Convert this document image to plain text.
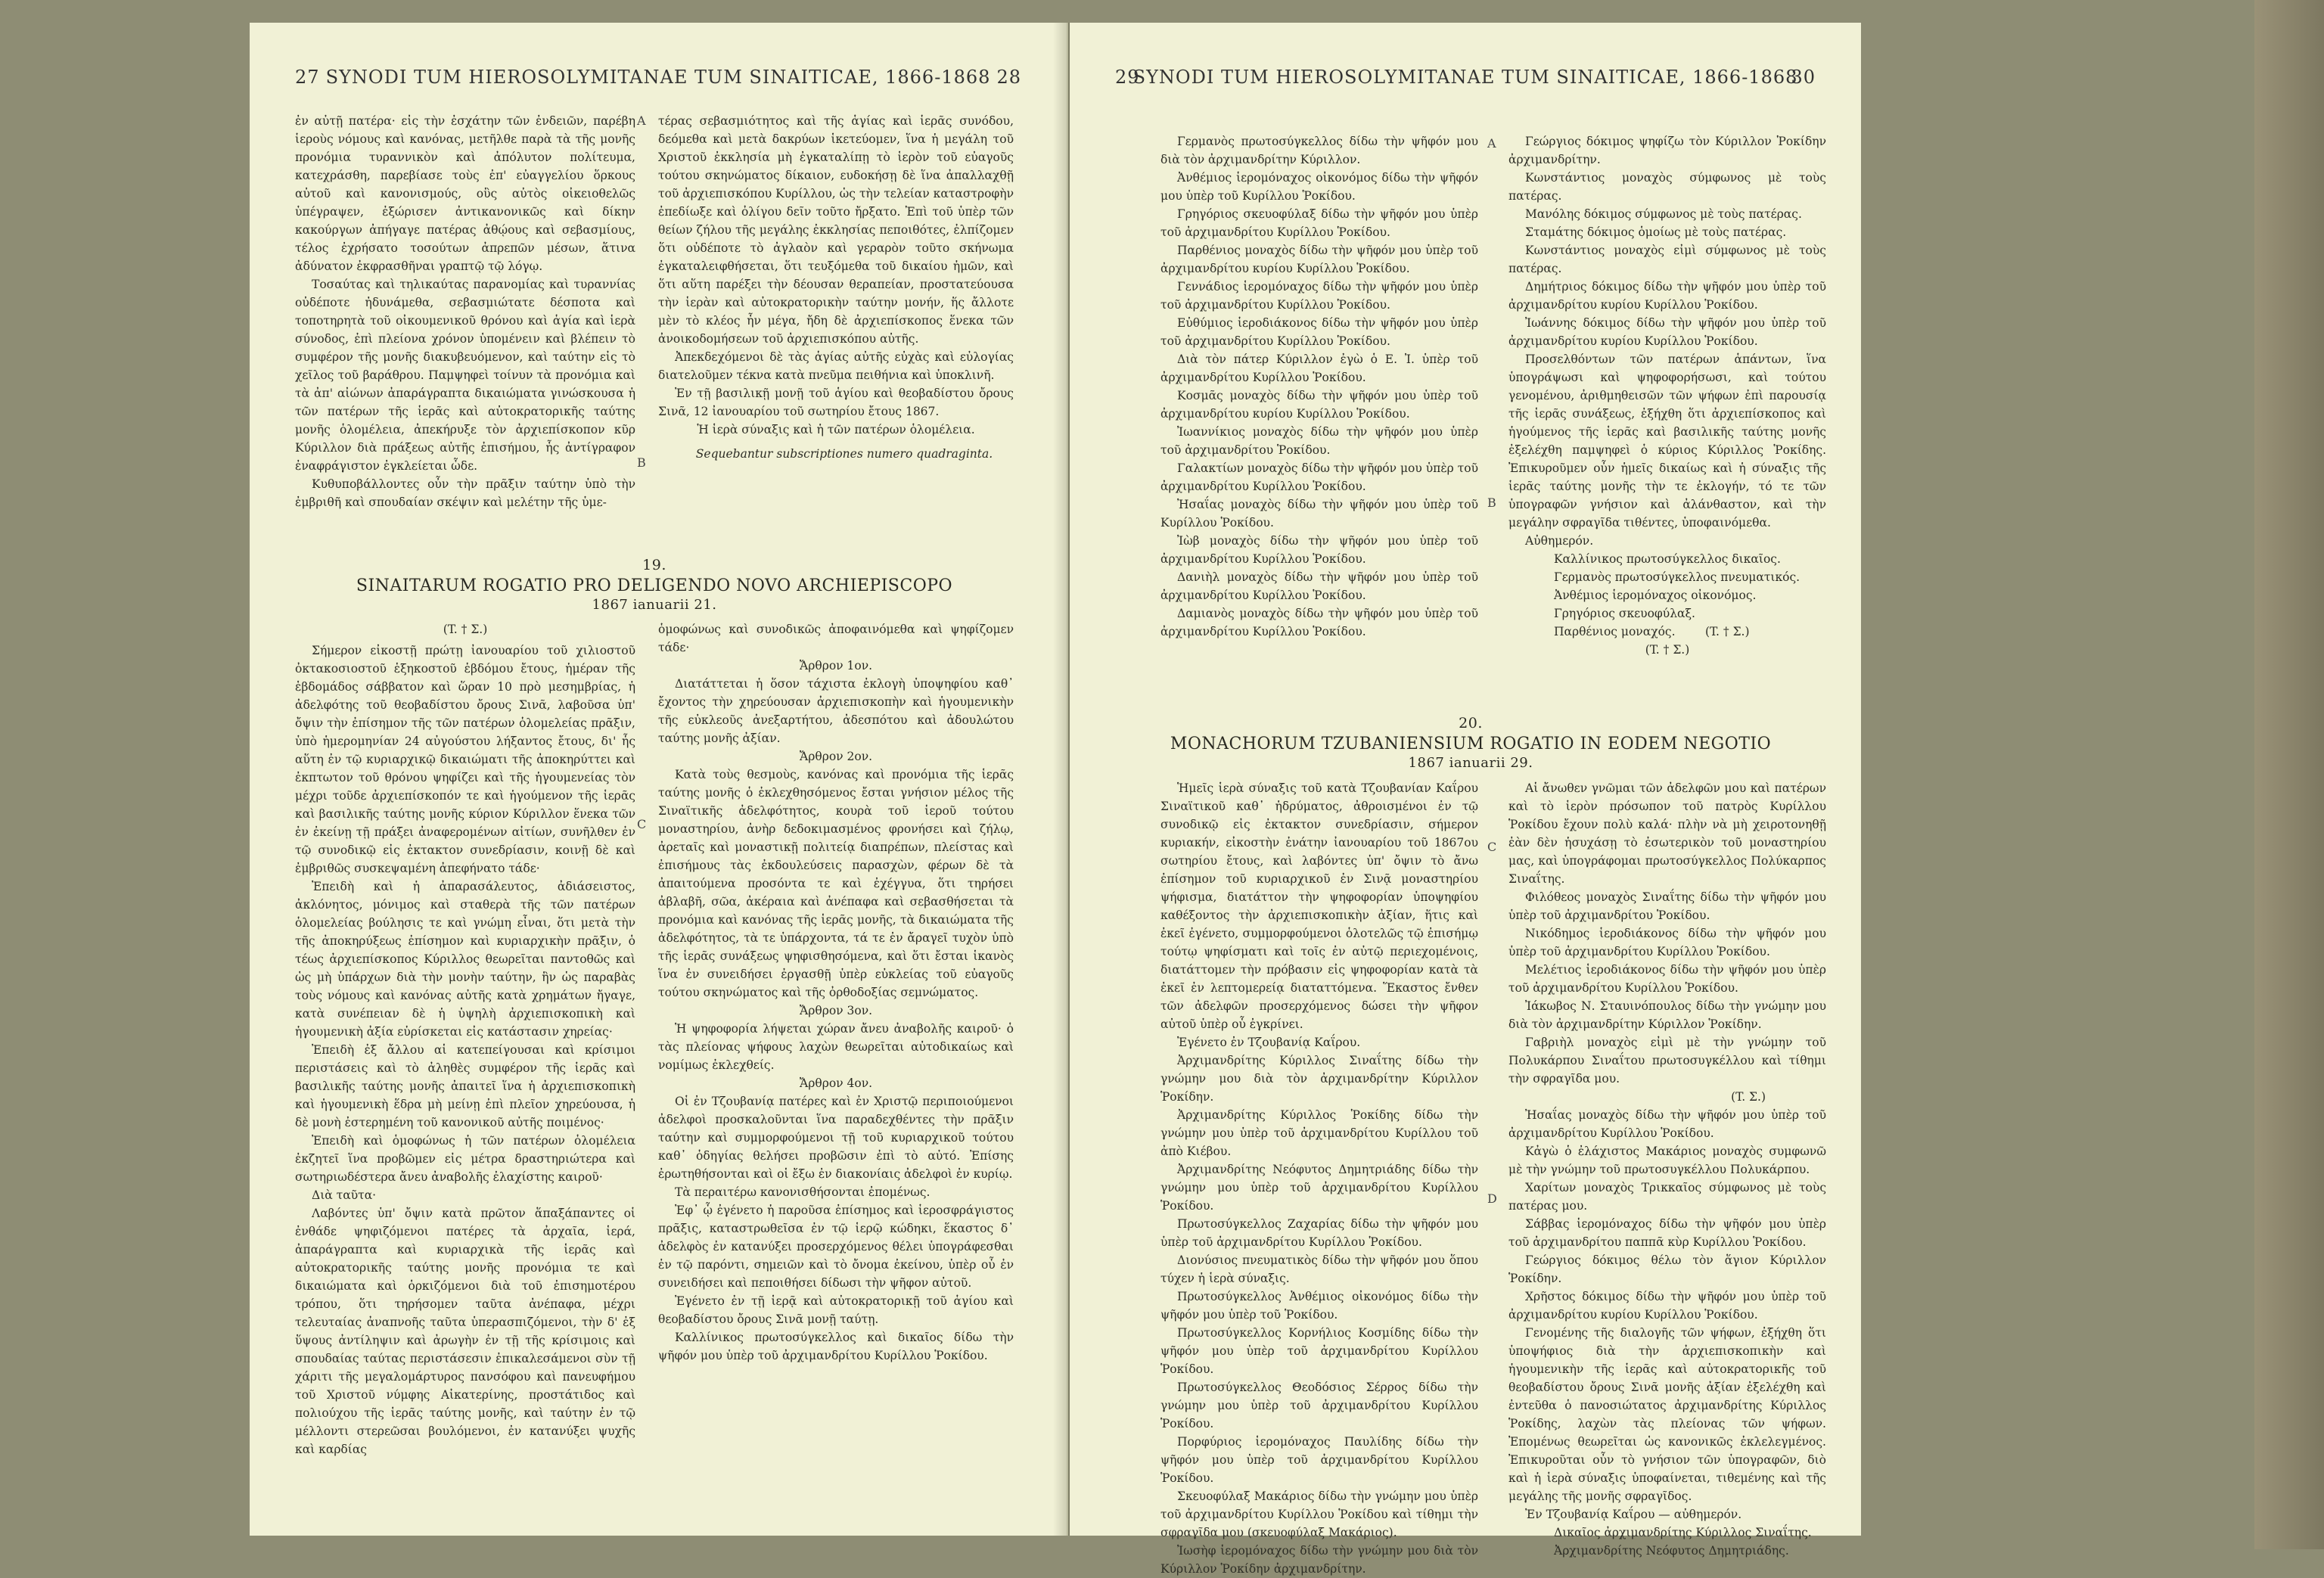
27 SYNODI TUM HIEROSOLYMITANAE TUM SINAITICAE, 1866-1868 28

ἐν αὐτῇ πατέρα· εἰς τὴν ἐσχάτην τῶν ἐνδειῶν, παρέβη ἱεροὺς νόμους καὶ κανόνας, μετῆλθε παρὰ τὰ τῆς μονῆς προνόμια τυραννικὸν καὶ ἀπόλυτον πολίτευμα, κατεχράσθη, παρεβίασε τοὺς ἐπ' εὐαγγελίου ὅρκους αὐτοῦ καὶ κανονισμούς, οὓς αὐτὸς οἰκειοθελῶς ὑπέγραψεν, ἐξώρισεν ἀντικανονικῶς καὶ δίκην κακούργων ἀπήγαγε πατέρας ἀθῴους καὶ σεβασμίους, τέλος ἐχρήσατο τοσούτων ἀπρεπῶν μέσων, ἅτινα ἀδύνατον ἐκφρασθῆναι γραπτῷ τῷ λόγῳ.

Τοσαύτας καὶ τηλικαύτας παρανομίας καὶ τυραννίας οὐδέποτε ἠδυνάμεθα, σεβασμιώτατε δέσποτα καὶ τοποτηρητὰ τοῦ οἰκουμενικοῦ θρόνου καὶ ἁγία καὶ ἱερὰ σύνοδος, ἐπὶ πλείονα χρόνον ὑπομένειν καὶ βλέπειν τὸ συμφέρον τῆς μονῆς διακυβευόμενον, καὶ ταύτην εἰς τὸ χεῖλος τοῦ βαράθρου. Παμψηφεὶ τοίνυν τὰ προνόμια καὶ τὰ ἀπ' αἰώνων ἀπαράγραπτα δικαιώματα γινώσκουσα ἡ τῶν πατέρων τῆς ἱερᾶς καὶ αὐτοκρατορικῆς ταύτης μονῆς ὁλομέλεια, ἀπεκήρυξε τὸν ἀρχιεπίσκοπον κῦρ Κύριλλον διὰ πράξεως αὐτῆς ἐπισήμου, ἧς ἀντίγραφον ἐναφράγιστον ἐγκλείεται ὧδε.

Κυθυποβάλλοντες οὖν τὴν πρᾶξιν ταύτην ὑπὸ τὴν ἐμβριθῆ καὶ σπουδαίαν σκέψιν καὶ μελέτην τῆς ὑμε-

A τέρας σεβασμιότητος καὶ τῆς ἁγίας καὶ ἱερᾶς συνόδου, δεόμεθα καὶ μετὰ δακρύων ἱκετεύομεν, ἵνα ἡ μεγάλη τοῦ Χριστοῦ ἐκκλησία μὴ ἐγκαταλίπῃ τὸ ἱερὸν τοῦ εὐαγοῦς τούτου σκηνώματος δίκαιον, ευδοκήσῃ δὲ ἵνα ἀπαλλαχθῇ τοῦ ἀρχιεπισκόπου Κυρίλλου, ὡς τὴν τελείαν καταστροφὴν ἐπεδίωξε καὶ ὀλίγου δεῖν τοῦτο ἤρξατο. Ἐπὶ τοῦ ὑπὲρ τῶν θείων ζήλου τῆς μεγάλης ἐκκλησίας πεποιθότες, ἐλπίζομεν ὅτι οὐδέποτε τὸ ἀγλαὸν καὶ γεραρὸν τοῦτο σκήνωμα ἐγκαταλειφθήσεται, ὅτι τευξόμεθα τοῦ δικαίου ἡμῶν, καὶ ὅτι αὕτη παρέξει τὴν δέουσαν θεραπείαν, προστατεύουσα τὴν ἱερὰν καὶ αὐτοκρατορικὴν ταύτην μονήν, ἥς ἄλλοτε μὲν τὸ κλέος ἦν μέγα, ἤδη δὲ ἀρχιεπίσκοπος ἕνεκα τῶν ἀνοικοδομήσεων τοῦ ἀρχιεπισκόπου αὐτῆς.

Ἀπεκδεχόμενοι δὲ τὰς ἁγίας αὐτῆς εὐχὰς καὶ εὐλογίας διατελοῦμεν τέκνα κατὰ πνεῦμα πειθήνια καὶ ὑποκλινῆ.

Ἐν τῇ βασιλικῇ μονῇ τοῦ ἁγίου καὶ θεοβαδίστου ὄρους Σινᾶ, 12 ἰανουαρίου τοῦ σωτηρίου ἔτους 1867.

Ἡ ἱερὰ σύναξις καὶ ἡ τῶν πατέρων ὁλομέλεια.

Sequebantur subscriptiones numero quadraginta.

B
19.
SINAITARUM ROGATIO PRO DELIGENDO NOVO ARCHIEPISCOPO
1867 ianuarii 21.

(T. † Σ.)

Σήμερον εἰκοστῇ πρώτῃ ἰανουαρίου τοῦ χιλιοστοῦ ὀκτακοσιοστοῦ ἑξηκοστοῦ ἑβδόμου ἔτους, ἡμέραν τῆς ἑβδομάδος σάββατον καὶ ὥραν 10 πρὸ μεσημβρίας, ἡ ἀδελφότης τοῦ θεοβαδίστου ὄρους Σινᾶ, λαβοῦσα ὑπ' ὄψιν τὴν ἐπίσημον τῆς τῶν πατέρων ὁλομελείας πρᾶξιν, ὑπὸ ἡμερομηνίαν 24 αὐγούστου λήξαντος ἔτους, δι' ἧς αὕτη ἐν τῷ κυριαρχικῷ δικαιώματι τῆς ἀποκηρύττει καὶ ἐκπτωτον τοῦ θρόνου ψηφίζει καὶ τῆς ἡγουμενείας τὸν μέχρι τοῦδε ἀρχιεπίσκοπόν τε καὶ ἡγούμενον τῆς ἱερᾶς καὶ βασιλικῆς ταύτης μονῆς κύριον Κύριλλον ἕνεκα τῶν ἐν ἐκείνῃ τῇ πράξει ἀναφερομένων αἰτίων, συνῆλθεν ἐν τῷ συνοδικῷ εἰς ἐκτακτον συνεδρίασιν, κοινῇ δὲ καὶ ἐμβριθῶς συσκεψαμένη ἀπεφήνατο τάδε·

Ἐπειδὴ καὶ ἡ ἀπαρασάλευτος, ἀδιάσειστος, ἀκλόνητος, μόνιμος καὶ σταθερὰ τῆς τῶν πατέρων ὁλομελείας βούλησις τε καὶ γνώμη εἶναι, ὅτι μετὰ τὴν τῆς ἀποκηρύξεως ἐπίσημον καὶ κυριαρχικὴν πρᾶξιν, ὁ τέως ἀρχιεπίσκοπος Κύριλλος θεωρεῖται παντοθῶς καὶ ὡς μὴ ὑπάρχων διὰ τὴν μονὴν ταύτην, ἣν ὡς παραβὰς τοὺς νόμους καὶ κανόνας αὐτῆς κατὰ χρημάτων ἤγαγε, κατὰ συνέπειαν δὲ ἡ ὑψηλὴ ἀρχιεπισκοπικὴ καὶ ἡγουμενικὴ ἀξία εὑρίσκεται εἰς κατάστασιν χηρείας·

Ἐπειδὴ ἐξ ἄλλου αἱ κατεπείγουσαι καὶ κρίσιμοι περιστάσεις καὶ τὸ ἀληθὲς συμφέρον τῆς ἱερᾶς καὶ βασιλικῆς ταύτης μονῆς ἀπαιτεῖ ἵνα ἡ ἀρχιεπισκοπικὴ καὶ ἡγουμενικὴ ἕδρα μὴ μείνῃ ἐπὶ πλεῖον χηρεύουσα, ἡ δὲ μονὴ ἐστερημένη τοῦ κανονικοῦ αὐτῆς ποιμένος·

Ἐπειδὴ καὶ ὁμοφώνως ἡ τῶν πατέρων ὁλομέλεια ἐκζητεῖ ἵνα προβῶμεν εἰς μέτρα δραστηριώτερα καὶ σωτηριωδέστερα ἄνευ ἀναβολῆς ἐλαχίστης καιροῦ·

Διὰ ταῦτα·

Λαβόντες ὑπ' ὄψιν κατὰ πρῶτον ἅπαξάπαντες οἱ ἐνθάδε ψηφιζόμενοι πατέρες τὰ ἀρχαῖα, ἱερά, ἀπαράγραπτα καὶ κυριαρχικὰ τῆς ἱερᾶς καὶ αὐτοκρατορικῆς ταύτης μονῆς προνόμια τε καὶ δικαιώματα καὶ ὁρκιζόμενοι διὰ τοῦ ἐπισημοτέρου τρόπου, ὅτι τηρήσομεν ταῦτα ἀνέπαφα, μέχρι τελευταίας ἀναπνοῆς ταῦτα ὑπερασπιζόμενοι, τὴν δ' ἐξ ὕψους ἀντίληψιν καὶ ἀρωγὴν ἐν τῇ τῆς κρίσιμοις καὶ σπουδαίας ταύτας περιστάσεσιν ἐπικαλεσάμενοι σὺν τῇ χάριτι τῆς μεγαλομάρτυρος πανσόφου καὶ πανευφήμου τοῦ Χριστοῦ νύμφης Αἰκατερίνης, προστάτιδος καὶ πολιούχου τῆς ἱερᾶς ταύτης μονῆς, καὶ ταύτην ἐν τῷ μέλλοντι στερεῶσαι βουλόμενοι, ἐν κατανύξει ψυχῆς καὶ καρδίας

C

ὁμοφώνως καὶ συνοδικῶς ἀποφαινόμεθα καὶ ψηφίζομεν τάδε·

Ἄρθρον 1ον.

Διατάττεται ἡ ὅσον τάχιστα ἐκλογὴ ὑποψηφίου καθ᾽ ἔχοντος τὴν χηρεύουσαν ἀρχιεπισκοπὴν καὶ ἡγουμενικὴν τῆς εὐκλεοῦς ἀνεξαρτήτου, ἀδεσπότου καὶ ἀδουλώτου ταύτης μονῆς ἀξίαν.

Ἄρθρον 2ον.

Κατὰ τοὺς θεσμοὺς, κανόνας καὶ προνόμια τῆς ἱερᾶς ταύτης μονῆς ὁ ἐκλεχθησόμενος ἔσται γνήσιον μέλος τῆς Σιναϊτικῆς ἀδελφότητος, κουρὰ τοῦ ἱεροῦ τούτου μοναστηρίου, ἀνὴρ δεδοκιμασμένος φρονήσει καὶ ζήλῳ, ἀρεταῖς καὶ μοναστικῇ πολιτείᾳ διαπρέπων, πλείστας καὶ ἐπισήμους τὰς ἐκδουλεύσεις παρασχὼν, φέρων δὲ τὰ ἀπαιτούμενα προσόντα τε καὶ ἐχέγγυα, ὅτι τηρήσει ἀβλαβῆ, σῶα, ἀκέραια καὶ ἀνέπαφα καὶ σεβασθήσεται τὰ προνόμια καὶ κανόνας τῆς ἱερᾶς μονῆς, τὰ δικαιώματα τῆς ἀδελφότητος, τὰ τε ὑπάρχοντα, τά τε ἐν ἄραγεῖ τυχὸν ὑπὸ τῆς ἱερᾶς συνάξεως ψηφισθησόμενα, καὶ ὅτι ἔσται ἱκανὸς ἵνα ἐν συνειδήσει ἐργασθῇ ὑπὲρ εὐκλείας τοῦ εὐαγοῦς τούτου σκηνώματος καὶ τῆς ὀρθοδοξίας σεμνώματος.

Ἄρθρον 3ον.

Ἡ ψηφοφορία λήψεται χώραν ἄνευ ἀναβολῆς καιροῦ· ὁ τὰς πλείονας ψήφους λαχὼν θεωρεῖται αὐτοδικαίως καὶ νομίμως ἐκλεχθείς.

Ἄρθρον 4ον.

Οἱ ἐν Τζουβανίᾳ πατέρες καὶ ἐν Χριστῷ περιποιούμενοι ἀδελφοὶ προσκαλοῦνται ἵνα παραδεχθέντες τὴν πρᾶξιν ταύτην καὶ συμμορφούμενοι τῇ τοῦ κυριαρχικοῦ τούτου καθ᾽ ὁδηγίας θελήσει προβῶσιν ἐπὶ τὸ αὐτό. Ἐπίσης ἐρωτηθήσονται καὶ οἱ ἔξω ἐν διακονίαις ἀδελφοὶ ἐν κυρίῳ.

Τὰ περαιτέρω κανονισθήσονται ἐπομένως.

Ἐφ᾽ ᾧ ἐγένετο ἡ παροῦσα ἐπίσημος καὶ ἱεροσφράγιστος πρᾶξις, καταστρωθεῖσα ἐν τῷ ἱερῷ κώδηκι, ἕκαστος δ᾽ ἀδελφὸς ἐν κατανύξει προσερχόμενος θέλει ὑπογράφεσθαι ἐν τῷ παρόντι, σημειῶν καὶ τὸ ὄνομα ἐκείνου, ὑπὲρ οὗ ἐν συνειδήσει καὶ πεποιθήσει δίδωσι τὴν ψῆφον αὐτοῦ.

Ἐγένετο ἐν τῇ ἱερᾷ καὶ αὐτοκρατορικῇ τοῦ ἁγίου καὶ θεοβαδίστου ὄρους Σινᾶ μονῇ ταύτῃ.

Καλλίνικος πρωτοσύγκελλος καὶ δικαῖος δίδω τὴν ψῆφόν μου ὑπὲρ τοῦ ἀρχιμανδρίτου Κυρίλλου Ῥοκίδου.

29
SYNODI TUM HIEROSOLYMITANAE TUM SINAITICAE, 1866-1868
30

Γερμανὸς πρωτοσύγκελλος δίδω τὴν ψῆφόν μου διὰ τὸν ἀρχιμανδρίτην Κύριλλον.

Ἀνθέμιος ἱερομόναχος οἰκονόμος δίδω τὴν ψῆφόν μου ὑπὲρ τοῦ Κυρίλλου Ῥοκίδου.

Γρηγόριος σκευοφύλαξ δίδω τὴν ψῆφόν μου ὑπὲρ τοῦ ἀρχιμανδρίτου Κυρίλλου Ῥοκίδου.

Παρθένιος μοναχὸς δίδω τὴν ψῆφόν μου ὑπὲρ τοῦ ἀρχιμανδρίτου κυρίου Κυρίλλου Ῥοκίδου.

Γεννάδιος ἱερομόναχος δίδω τὴν ψῆφόν μου ὑπὲρ τοῦ ἀρχιμανδρίτου Κυρίλλου Ῥοκίδου.

Εὐθύμιος ἱεροδιάκονος δίδω τὴν ψῆφόν μου ὑπὲρ τοῦ ἀρχιμανδρίτου Κυρίλλου Ῥοκίδου.

Διὰ τὸν πάτερ Κύριλλον ἐγὼ ὁ Ε. Ἰ. ὑπὲρ τοῦ ἀρχιμανδρίτου Κυρίλλου Ῥοκίδου.

Κοσμᾶς μοναχὸς δίδω τὴν ψῆφόν μου ὑπὲρ τοῦ ἀρχιμανδρίτου κυρίου Κυρίλλου Ῥοκίδου.

Ἰωαννίκιος μοναχὸς δίδω τὴν ψῆφόν μου ὑπὲρ τοῦ ἀρχιμανδρίτου Ῥοκίδου.

Γαλακτίων μοναχὸς δίδω τὴν ψῆφόν μου ὑπὲρ τοῦ ἀρχιμανδρίτου Κυρίλλου Ῥοκίδου.

Ἠσαΐας μοναχὸς δίδω τὴν ψῆφόν μου ὑπὲρ τοῦ Κυρίλλου Ῥοκίδου.

Ἰὼβ μοναχὸς δίδω τὴν ψῆφόν μου ὑπὲρ τοῦ ἀρχιμανδρίτου Κυρίλλου Ῥοκίδου.

Δανιὴλ μοναχὸς δίδω τὴν ψῆφόν μου ὑπὲρ τοῦ ἀρχιμανδρίτου Κυρίλλου Ῥοκίδου.

Δαμιανὸς μοναχὸς δίδω τὴν ψῆφόν μου ὑπὲρ τοῦ ἀρχιμανδρίτου Κυρίλλου Ῥοκίδου.

A	Γεώργιος δόκιμος ψηφίζω τὸν Κύριλλον Ῥοκίδην ἀρχιμανδρίτην.

Κωνστάντιος μοναχὸς σύμφωνος μὲ τοὺς πατέρας.

Μανόλης δόκιμος σύμφωνος μὲ τοὺς πατέρας.

Σταμάτης δόκιμος ὁμοίως μὲ τοὺς πατέρας.

Κωνστάντιος μοναχὸς εἰμὶ σύμφωνος μὲ τοὺς πατέρας.

Δημήτριος δόκιμος δίδω τὴν ψῆφόν μου ὑπὲρ τοῦ ἀρχιμανδρίτου κυρίου Κυρίλλου Ῥοκίδου.

Ἰωάννης δόκιμος δίδω τὴν ψῆφόν μου ὑπὲρ τοῦ ἀρχιμανδρίτου κυρίου Κυρίλλου Ῥοκίδου.

Προσελθόντων τῶν πατέρων ἁπάντων, ἵνα ὑπογράψωσι καὶ ψηφοφορήσωσι, καὶ τούτου γενομένου, ἀριθμηθεισῶν τῶν ψήφων ἐπὶ παρουσίᾳ τῆς ἱερᾶς συνάξεως, ἐξήχθη ὅτι ἀρχιεπίσκοπος καὶ ἡγούμενος τῆς ἱερᾶς καὶ βασιλικῆς ταύτης μονῆς ἐξελέχθη παμψηφεὶ ὁ κύριος Κύριλλος Ῥοκίδης. Ἐπικυροῦμεν οὖν ἡμεῖς δικαίως καὶ ἡ σύναξις τῆς ἱερᾶς ταύτης μονῆς τὴν τε ἐκλογήν, τό τε τῶν ὑπογραφῶν γνήσιον καὶ ἀλάνθαστον, καὶ τὴν μεγάλην σφραγῖδα τιθέντες, ὑποφαινόμεθα.

Αὐθημερόν.

Καλλίνικος πρωτοσύγκελλος δικαῖος.

Γερμανὸς πρωτοσύγκελλος πνευματικός.

Ἀνθέμιος ἱερομόναχος οἰκονόμος.

Γρηγόριος σκευοφύλαξ.

Παρθένιος μοναχός.	(T. † Σ.)

(T. † Σ.)

B
20.
MONACHORUM TZUBANIENSIUM ROGATIO IN EODEM NEGOTIO
1867 ianuarii 29.

Ἡμεῖς ἱερὰ σύναξις τοῦ κατὰ Τζουβανίαν Καΐρου Σιναϊτικοῦ καθ᾽ ἡδρύματος, ἀθροισμένοι ἐν τῷ συνοδικῷ εἰς ἐκτακτον συνεδρίασιν, σήμερον κυριακήν, εἰκοστὴν ἐνάτην ἰανουαρίου τοῦ 1867ου σωτηρίου ἔτους, καὶ λαβόντες ὑπ' ὄψιν τὸ ἄνω ἐπίσημον τοῦ κυριαρχικοῦ ἐν Σινᾷ μοναστηρίου ψήφισμα, διατάττον τὴν ψηφοφορίαν ὑποψηφίου καθέξοντος τὴν ἀρχιεπισκοπικὴν ἀξίαν, ἥτις καὶ ἐκεῖ ἐγένετο, συμμορφούμενοι ὁλοτελῶς τῷ ἐπισήμῳ τούτῳ ψηφίσματι καὶ τοῖς ἐν αὐτῷ περιεχομένοις, διατάττομεν τὴν πρόβασιν εἰς ψηφοφορίαν κατὰ τὰ ἐκεῖ ἐν λεπτομερείᾳ διαταττόμενα. Ἕκαστος ἔνθεν τῶν ἀδελφῶν προσερχόμενος δώσει τὴν ψῆφον αὐτοῦ ὑπὲρ οὗ ἐγκρίνει.

Ἐγένετο ἐν Τζουβανίᾳ Καΐρου.

Ἀρχιμανδρίτης Κύριλλος Σιναΐτης δίδω τὴν γνώμην μου διὰ τὸν ἀρχιμανδρίτην Κύριλλον Ῥοκίδην.

Ἀρχιμανδρίτης Κύριλλος Ῥοκίδης δίδω τὴν γνώμην μου ὑπὲρ τοῦ ἀρχιμανδρίτου Κυρίλλου τοῦ ἀπὸ Κιέβου.

Ἀρχιμανδρίτης Νεόφυτος Δημητριάδης δίδω τὴν γνώμην μου ὑπὲρ τοῦ ἀρχιμανδρίτου Κυρίλλου Ῥοκίδου.

Πρωτοσύγκελλος Ζαχαρίας δίδω τὴν ψῆφόν μου ὑπὲρ τοῦ ἀρχιμανδρίτου Κυρίλλου Ῥοκίδου.

Διονύσιος πνευματικὸς δίδω τὴν ψῆφόν μου ὅπου τύχεν ἡ ἱερὰ σύναξις.

Πρωτοσύγκελλος Ἀνθέμιος οἰκονόμος δίδω τὴν ψῆφόν μου ὑπὲρ τοῦ Ῥοκίδου.

Πρωτοσύγκελλος Κορνήλιος Κοσμίδης δίδω τὴν ψῆφόν μου ὑπὲρ τοῦ ἀρχιμανδρίτου Κυρίλλου Ῥοκίδου.

Πρωτοσύγκελλος Θεοδόσιος Σέρρος δίδω τὴν γνώμην μου ὑπὲρ τοῦ ἀρχιμανδρίτου Κυρίλλου Ῥοκίδου.

Πορφύριος ἱερομόναχος Παυλίδης δίδω τὴν ψῆφόν μου ὑπὲρ τοῦ ἀρχιμανδρίτου Κυρίλλου Ῥοκίδου.

Σκευοφύλαξ Μακάριος δίδω τὴν γνώμην μου ὑπὲρ τοῦ ἀρχιμανδρίτου Κυρίλλου Ῥοκίδου καὶ τίθημι τὴν σφραγῖδα μου (σκευοφύλαξ Μακάριος).

Ἰωσὴφ ἱερομόναχος δίδω τὴν γνώμην μου διὰ τὸν Κύριλλον Ῥοκίδην ἀρχιμανδρίτην.

C
D

Αἱ ἄνωθεν γνῶμαι τῶν ἀδελφῶν μου καὶ πατέρων καὶ τὸ ἱερὸν πρόσωπον τοῦ πατρὸς Κυρίλλου Ῥοκίδου ἔχουν πολὺ καλά· πλὴν νὰ μὴ χειροτονηθῇ ἐὰν δὲν ἡσυχάσῃ τὸ ἐσωτερικὸν τοῦ μοναστηρίου μας, καὶ ὑπογράφομαι πρωτοσύγκελλος Πολύκαρπος Σιναΐτης.

Φιλόθεος μοναχὸς Σιναΐτης δίδω τὴν ψῆφόν μου ὑπὲρ τοῦ ἀρχιμανδρίτου Ῥοκίδου.

Νικόδημος ἱεροδιάκονος δίδω τὴν ψῆφόν μου ὑπὲρ τοῦ ἀρχιμανδρίτου Κυρίλλου Ῥοκίδου.

Μελέτιος ἱεροδιάκονος δίδω τὴν ψῆφόν μου ὑπὲρ τοῦ ἀρχιμανδρίτου Κυρίλλου Ῥοκίδου.

Ἰάκωβος Ν. Σταυινόπουλος δίδω τὴν γνώμην μου διὰ τὸν ἀρχιμανδρίτην Κύριλλον Ῥοκίδην.

Γαβριὴλ μοναχὸς εἰμὶ μὲ τὴν γνώμην τοῦ Πολυκάρπου Σιναΐτου πρωτοσυγκέλλου καὶ τίθημι τὴν σφραγῖδα μου.

(T. Σ.)

Ἠσαΐας μοναχὸς δίδω τὴν ψῆφόν μου ὑπὲρ τοῦ ἀρχιμανδρίτου Κυρίλλου Ῥοκίδου.

Κἀγὼ ὁ ἐλάχιστος Μακάριος μοναχὸς συμφωνῶ μὲ τὴν γνώμην τοῦ πρωτοσυγκέλλου Πολυκάρπου.

Χαρίτων μοναχὸς Τρικκαῖος σύμφωνος μὲ τοὺς πατέρας μου.

Σάββας ἱερομόναχος δίδω τὴν ψῆφόν μου ὑπὲρ τοῦ ἀρχιμανδρίτου παππᾶ κὺρ Κυρίλλου Ῥοκίδου.

Γεώργιος δόκιμος θέλω τὸν ἅγιον Κύριλλον Ῥοκίδην.

Χρῆστος δόκιμος δίδω τὴν ψῆφόν μου ὑπὲρ τοῦ ἀρχιμανδρίτου κυρίου Κυρίλλου Ῥοκίδου.

Γενομένης τῆς διαλογῆς τῶν ψήφων, ἐξήχθη ὅτι ὑποψήφιος διὰ τὴν ἀρχιεπισκοπικὴν καὶ ἡγουμενικὴν τῆς ἱερᾶς καὶ αὐτοκρατορικῆς τοῦ θεοβαδίστου ὄρους Σινᾶ μονῆς ἀξίαν ἐξελέχθη καὶ ἐντεῦθα ὁ πανοσιώτατος ἀρχιμανδρίτης Κύριλλος Ῥοκίδης, λαχὼν τὰς πλείονας τῶν ψήφων. Ἐπομένως θεωρεῖται ὡς κανονικῶς ἐκλελεγμένος. Ἐπικυροῦται οὖν τὸ γνήσιον τῶν ὑπογραφῶν, διὸ καὶ ἡ ἱερὰ σύναξις ὑποφαίνεται, τιθεμένης καὶ τῆς μεγάλης τῆς μονῆς σφραγῖδος.

Ἐν Τζουβανίᾳ Καΐρου — αὐθημερόν.

Δικαῖος ἀρχιμανδρίτης Κύριλλος Σιναΐτης.

Ἀρχιμανδρίτης Νεόφυτος Δημητριάδης.
